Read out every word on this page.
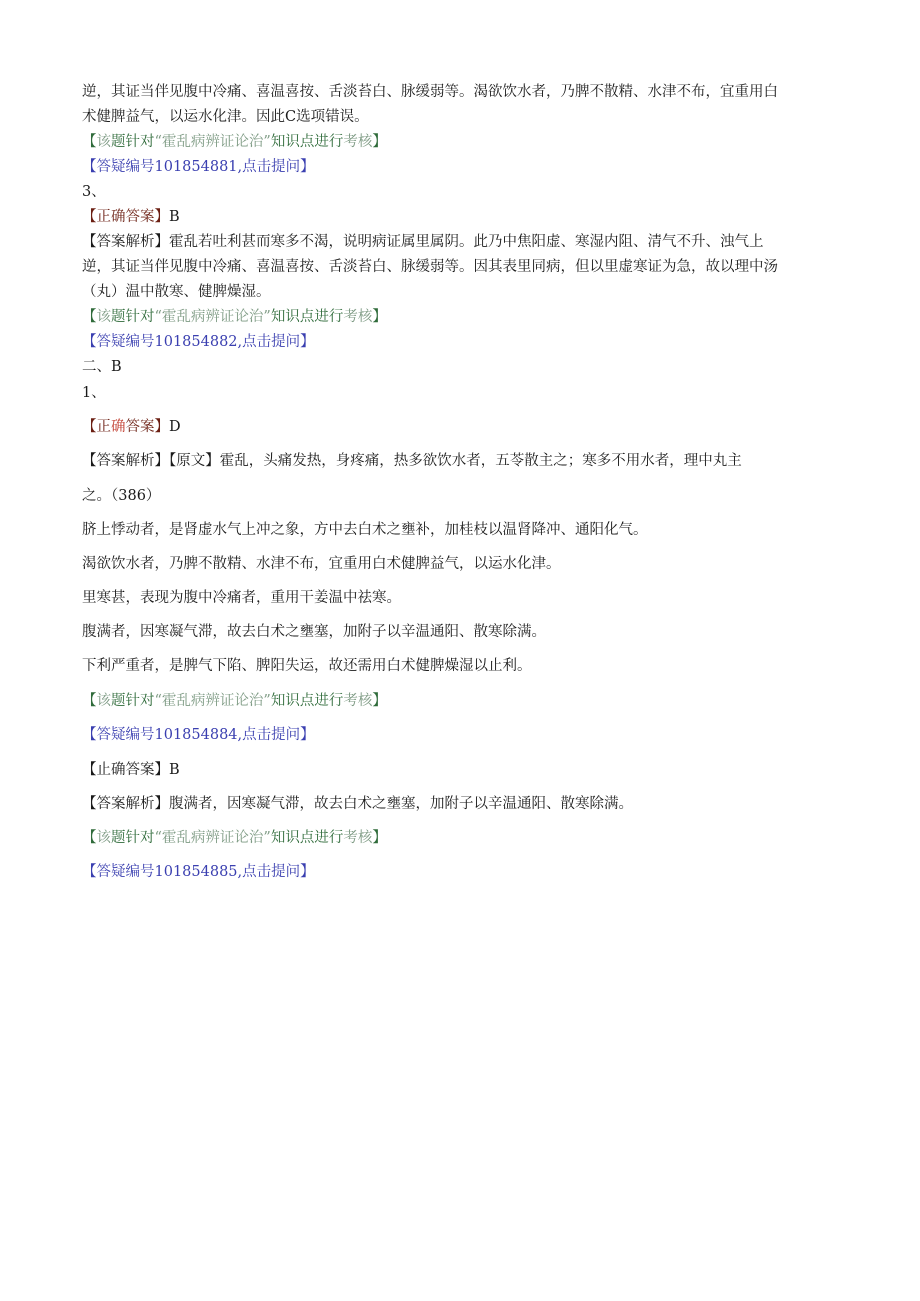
逆，其证当伴见腹中冷痛、喜温喜按、舌淡苔白、脉缓弱等。渴欲饮水者，乃脾不散精、水津不布，宜重用白
术健脾益气，以运水化津。因此C选项错误。
【该题针对“霍乱病辨证论治”知识点进行考核】
【答疑编号101854881,点击提问】
3、
【正确答案】B
【答案解析】霍乱若吐利甚而寒多不渴，说明病证属里属阴。此乃中焦阳虚、寒湿内阻、清气不升、浊气上
逆，其证当伴见腹中冷痛、喜温喜按、舌淡苔白、脉缓弱等。因其表里同病，但以里虚寒证为急，故以理中汤
（丸）温中散寒、健脾燥湿。
【该题针对“霍乱病辨证论治”知识点进行考核】
【答疑编号101854882,点击提问】
二、B
1、
【正确答案】D
【答案解析】【原文】霍乱，头痛发热，身疼痛，热多欲饮水者，五苓散主之；寒多不用水者，理中丸主
之。（386）
脐上悸动者，是肾虚水气上冲之象，方中去白术之壅补，加桂枝以温肾降冲、通阳化气。
渴欲饮水者，乃脾不散精、水津不布，宜重用白术健脾益气，以运水化津。
里寒甚，表现为腹中冷痛者，重用干姜温中祛寒。
腹满者，因寒凝气滞，故去白术之壅塞，加附子以辛温通阳、散寒除满。
下利严重者，是脾气下陷、脾阳失运，故还需用白术健脾燥湿以止利。
【该题针对“霍乱病辨证论治”知识点进行考核】
【答疑编号101854884,点击提问】
【止确答案】B
【答案解析】腹满者，因寒凝气滞，故去白术之壅塞，加附子以辛温通阳、散寒除满。
【该题针对“霍乱病辨证论治”知识点进行考核】
【答疑编号101854885,点击提问】
